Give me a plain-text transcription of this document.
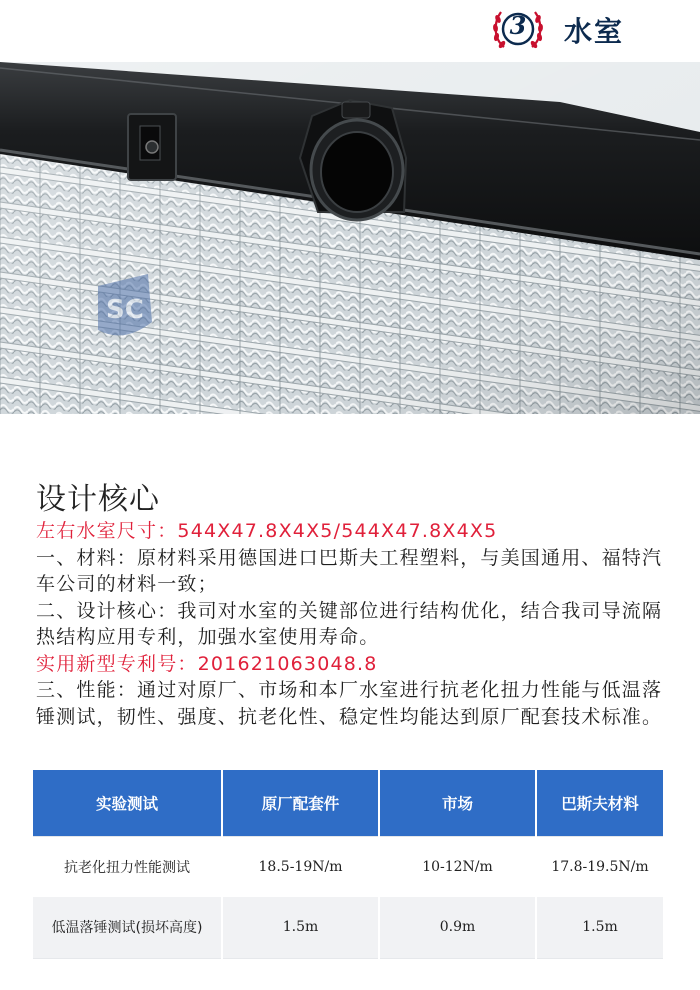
3 水室
SC
设计核心

左右水室尺寸：544X47.8X4X5/544X47.8X4X5

一、材料：原材料采用德国进口巴斯夫工程塑料，与美国通用、福特汽车公司的材料一致；

二、设计核心：我司对水室的关键部位进行结构优化，结合我司导流隔热结构应用专利，加强水室使用寿命。

实用新型专利号：201621063048.8

三、性能：通过对原厂、市场和本厂水室进行抗老化扭力性能与低温落锤测试，韧性、强度、抗老化性、稳定性均能达到原厂配套技术标准。

实验测试	原厂配套件	市场	巴斯夫材料
抗老化扭力性能测试	18.5-19N/m	10-12N/m	17.8-19.5N/m
低温落锤测试(损坏高度)	1.5m	0.9m	1.5m
